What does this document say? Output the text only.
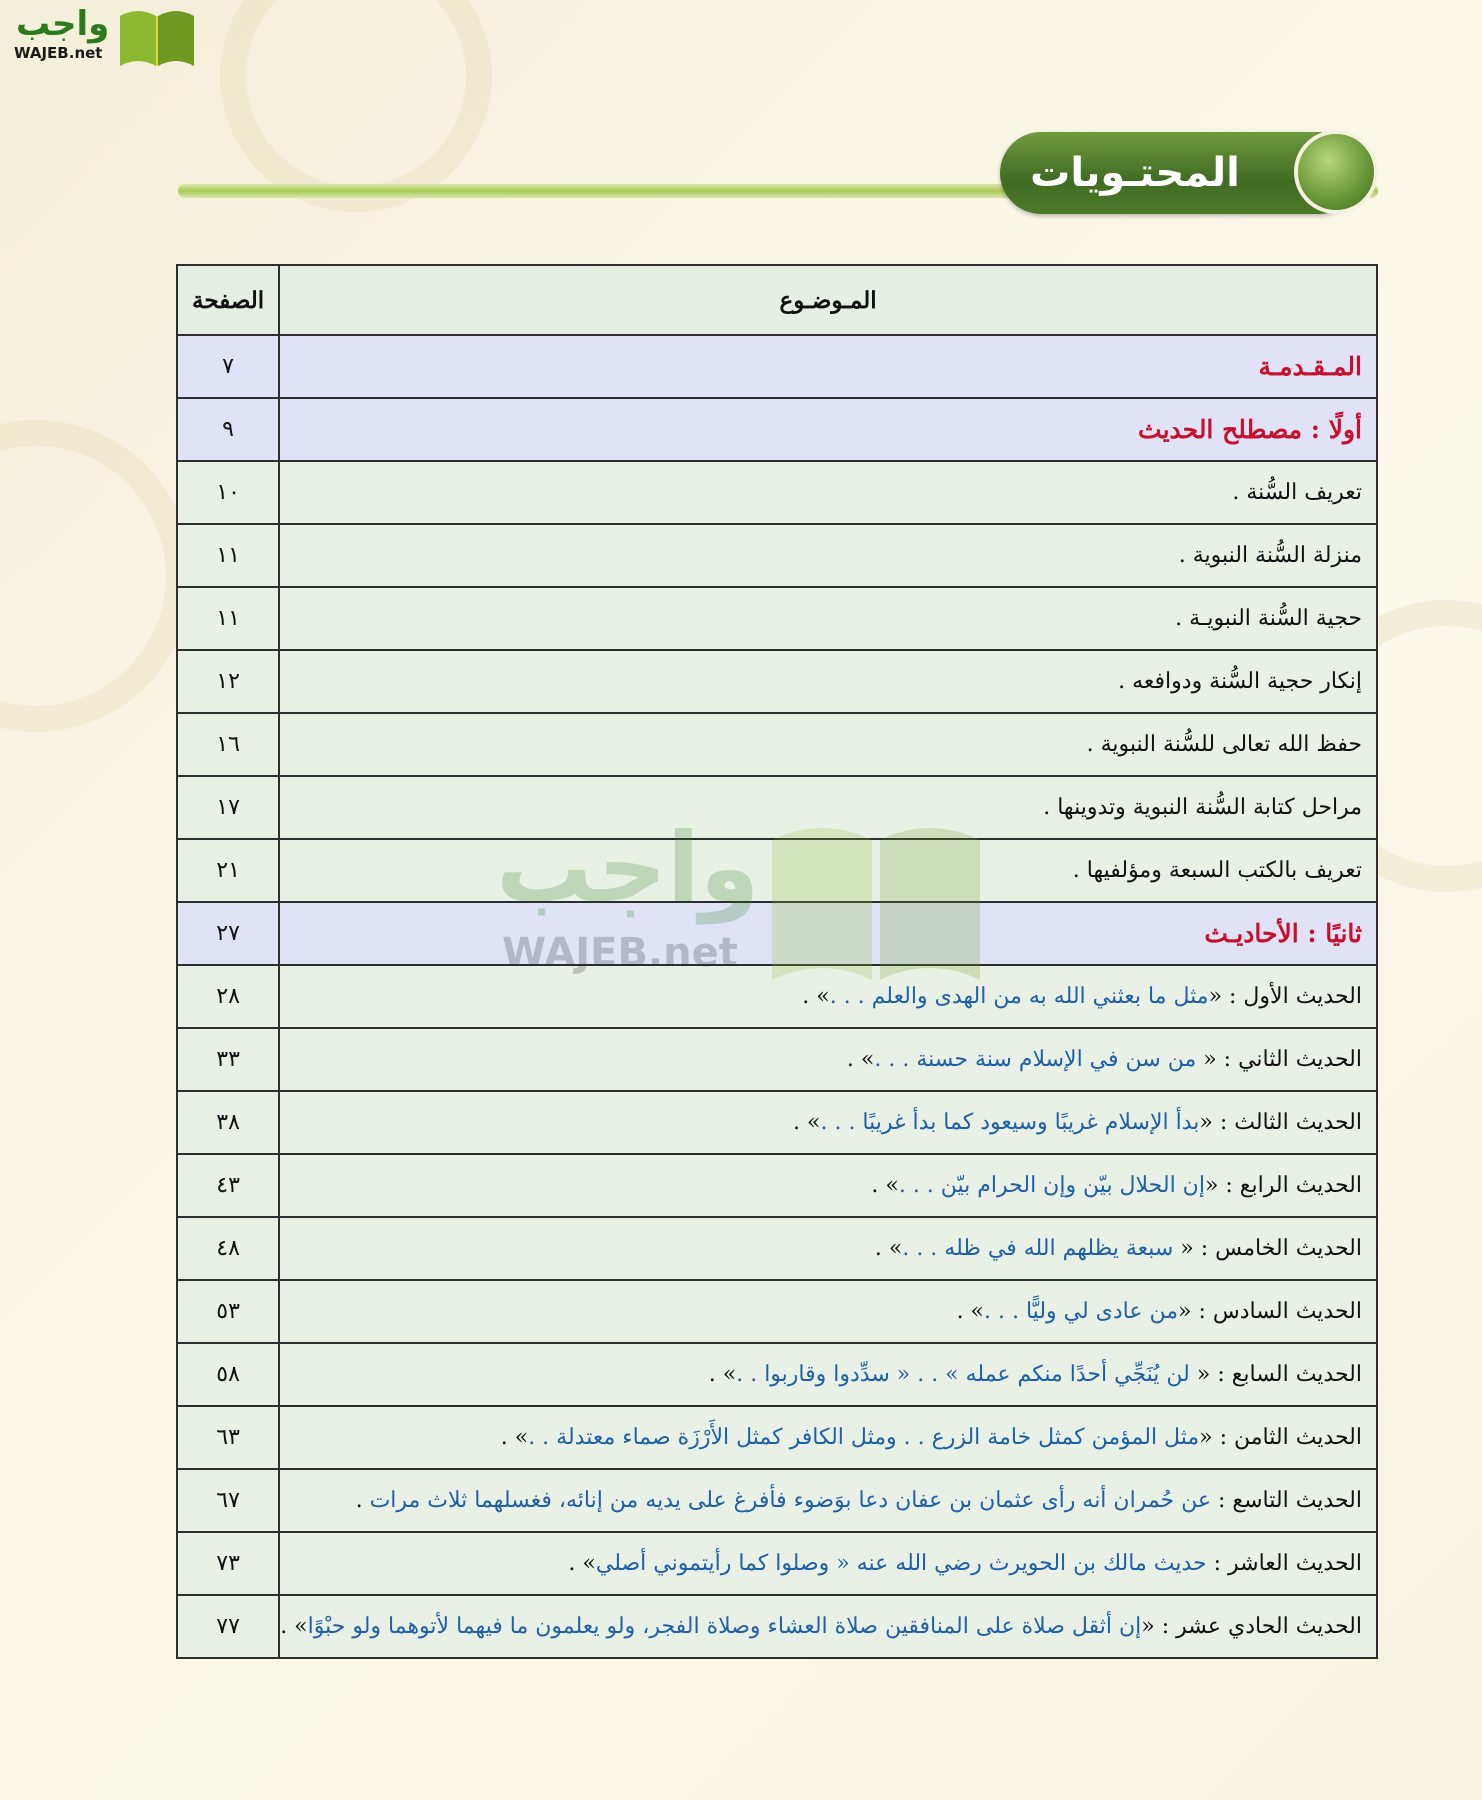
واجب
WAJEB.net
المحتـويات
المـوضـوع	الصفحة
المـقـدمـة	٧
أولًا : مصطلح الحديث	٩
تعريف السُّنة .	١٠
منزلة السُّنة النبوية .	١١
حجية السُّنة النبويـة .	١١
إنكار حجية السُّنة ودوافعه .	١٢
حفظ الله تعالى للسُّنة النبوية .	١٦
مراحل كتابة السُّنة النبوية وتدوينها .	١٧
تعريف بالكتب السبعة ومؤلفيها .	٢١
ثانيًا : الأحاديـث	٢٧
الحديث الأول : «مثل ما بعثني الله به من الهدى والعلم . . .» .	٢٨
الحديث الثاني : « من سن في الإسلام سنة حسنة . . .» .	٣٣
الحديث الثالث : «بدأ الإسلام غريبًا وسيعود كما بدأ غريبًا . . .» .	٣٨
الحديث الرابع : «إن الحلال بيّن وإن الحرام بيّن . . .» .	٤٣
الحديث الخامس : « سبعة يظلهم الله في ظله . . .» .	٤٨
الحديث السادس : «من عادى لي وليًّا . . .» .	٥٣
الحديث السابع : « لن يُنَجِّي أحدًا منكم عمله » . . « سدِّدوا وقاربوا . .» .	٥٨
الحديث الثامن : «مثل المؤمن كمثل خامة الزرع . . ومثل الكافر كمثل الأَرْزَة صماء معتدلة . .» .	٦٣
الحديث التاسع : عن حُمران أنه رأى عثمان بن عفان دعا بوَضوء فأفرغ على يديه من إنائه، فغسلهما ثلاث مرات .	٦٧
الحديث العاشر : حديث مالك بن الحويرث رضي الله عنه « وصلوا كما رأيتموني أصلي» .	٧٣
الحديث الحادي عشر : «إن أثقل صلاة على المنافقين صلاة العشاء وصلاة الفجر، ولو يعلمون ما فيهما لأتوهما ولو حبْوًا» .	٧٧
واجب
WAJEB.net
